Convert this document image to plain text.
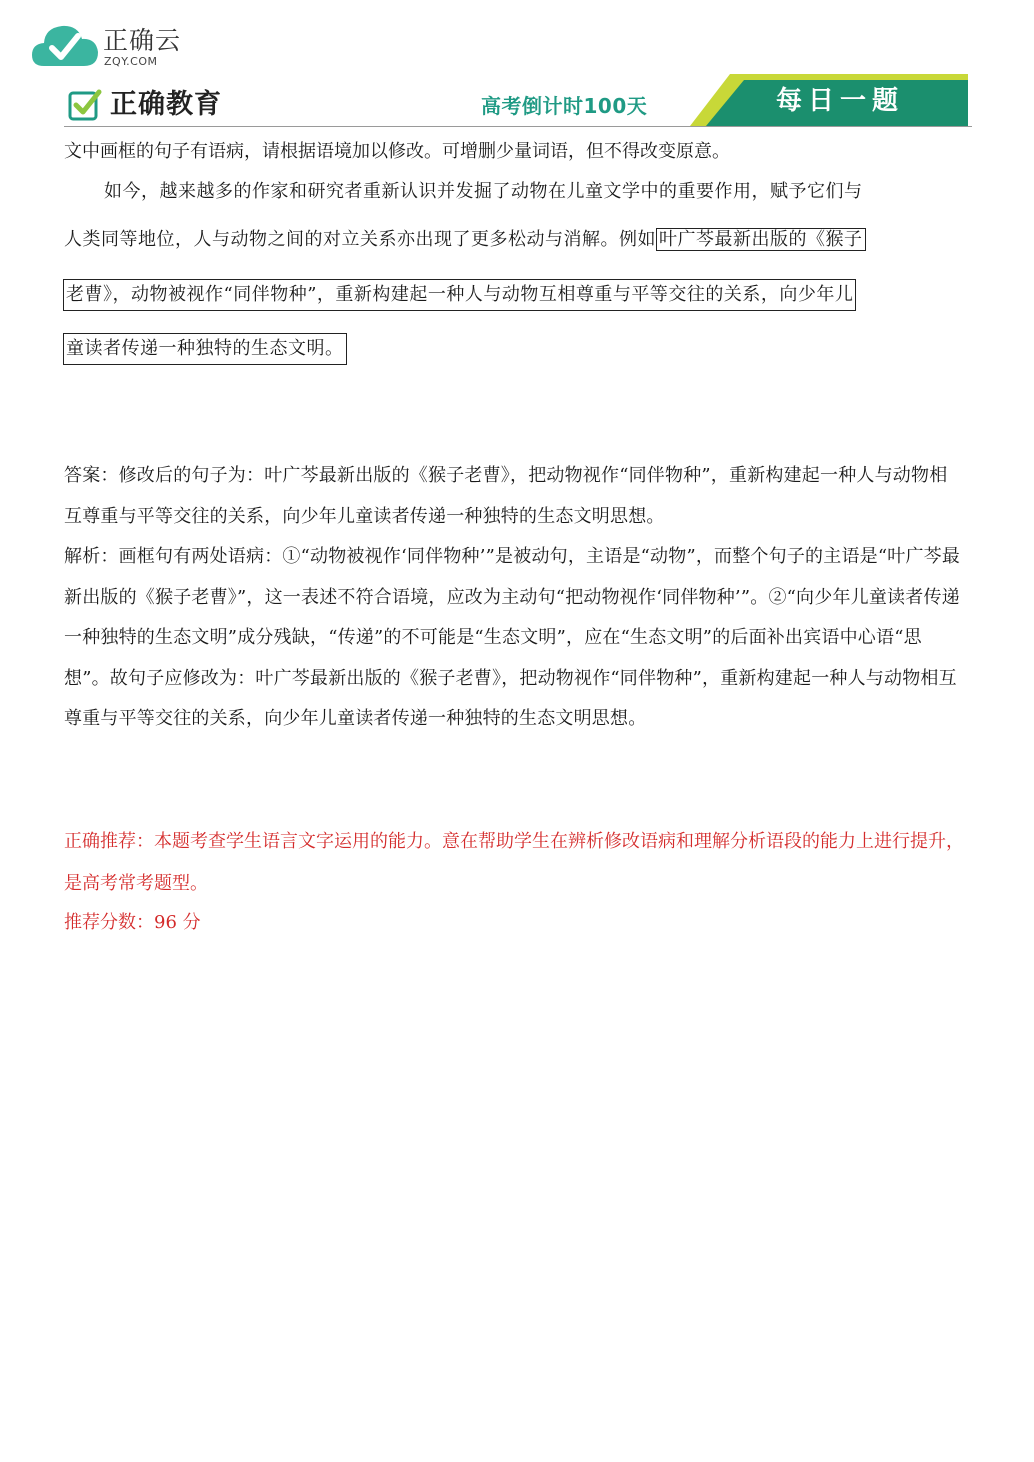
正确云
ZQY.COM
正确教育	高考倒计时100天	每日一题
文中画框的句子有语病，请根据语境加以修改。可增删少量词语，但不得改变原意。
如今，越来越多的作家和研究者重新认识并发掘了动物在儿童文学中的重要作用，赋予它们与
人类同等地位，人与动物之间的对立关系亦出现了更多松动与消解。例如 叶广芩最新出版的《猴子
老曹》，动物被视作“同伴物种”，重新构建起一种人与动物互相尊重与平等交往的关系，向少年儿
童读者传递一种独特的生态文明。
答案：修改后的句子为：叶广芩最新出版的《猴子老曹》，把动物视作“同伴物种”，重新构建起一种人与动物相互尊重与平等交往的关系，向少年儿童读者传递一种独特的生态文明思想。
解析：画框句有两处语病：①“动物被视作‘同伴物种’”是被动句，主语是“动物”，而整个句子的主语是“叶广芩最新出版的《猴子老曹》”，这一表述不符合语境，应改为主动句“把动物视作‘同伴物种’”。②“向少年儿童读者传递一种独特的生态文明”成分残缺，“传递”的不可能是“生态文明”，应在“生态文明”的后面补出宾语中心语“思想”。故句子应修改为：叶广芩最新出版的《猴子老曹》，把动物视作“同伴物种”，重新构建起一种人与动物相互尊重与平等交往的关系，向少年儿童读者传递一种独特的生态文明思想。
正确推荐：本题考查学生语言文字运用的能力。意在帮助学生在辨析修改语病和理解分析语段的能力上进行提升，是高考常考题型。
推荐分数：96 分
